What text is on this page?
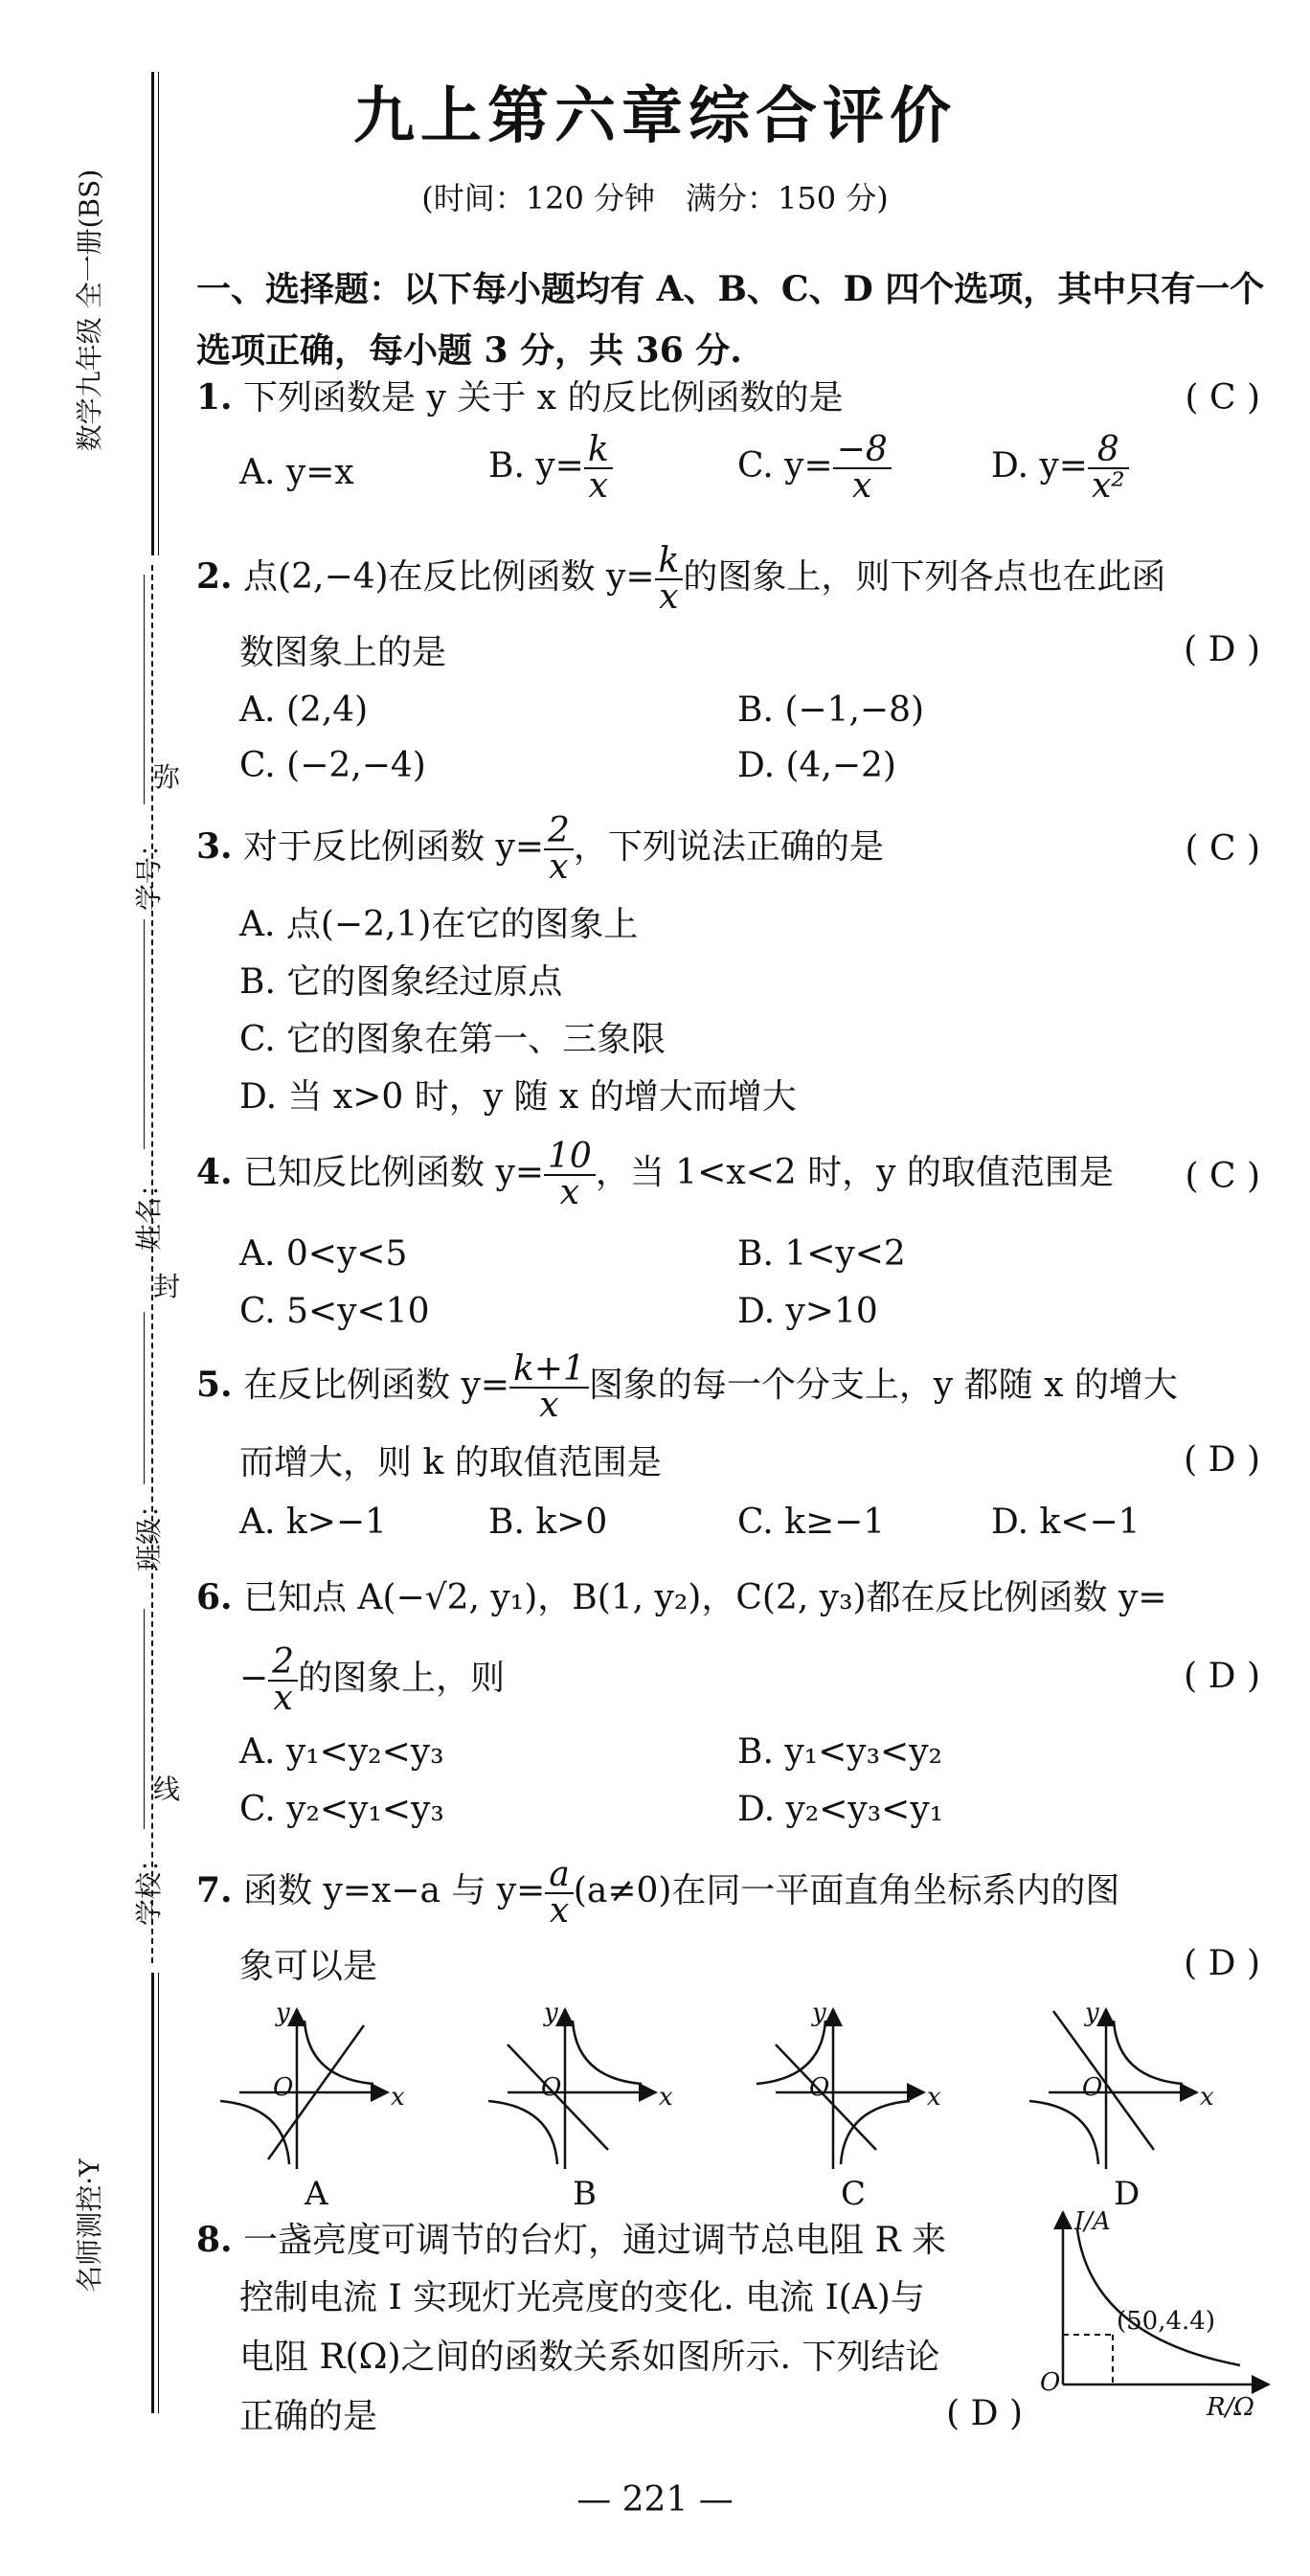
数学九年级 全一册(BS)
名师测控·Y
学号：
弥
姓名：
封
班级：
学校：
线
九上第六章综合评价
(时间：120 分钟　满分：150 分)
一、选择题：以下每小题均有 A、B、C、D 四个选项，其中只有一个选项正确，每小题 3 分，共 36 分.
1. 下列函数是 y 关于 x 的反比例函数的是	( C )
A. y=x	B. $y= \frac{k}{x}$	C. $y= \frac{-8}{x}$	D. $y= \frac{8}{\text{x²}}$
2. 点(2,−4)在反比例函数 $y= \frac{k}{x}$ 的图象上，则下列各点也在此函
数图象上的是	( D )
A. (2,4)	B. (−1,−8)
C. (−2,−4)	D. (4,−2)
3. 对于反比例函数 $y= \frac{2}{x}$ ，下列说法正确的是	( C )
A. 点(−2,1)在它的图象上
B. 它的图象经过原点
C. 它的图象在第一、三象限
D. 当 x>0 时，y 随 x 的增大而增大
4. 已知反比例函数 $y= \frac{10}{x}$ ，当 1<x<2 时，y 的取值范围是	( C )
A. 0<y<5	B. 1<y<2
C. 5<y<10	D. y>10
5. 在反比例函数 $y= \frac{k+1}{x}$ 图象的每一个分支上，y 都随 x 的增大
而增大，则 k 的取值范围是	( D )
A. k>−1	B. k>0	C. k≥−1	D. k<−1
6. 已知点 A(−√2, y₁)，B(1, y₂)，C(2, y₃)都在反比例函数 y=
− $\frac{2}{x}$ 的图象上，则	( D )
A. y₁<y₂<y₃	B. y₁<y₃<y₂
C. y₂<y₁<y₃	D. y₂<y₃<y₁
7. 函数 y=x−a 与 $y= \frac{a}{x} (a\ne 0)$在同一平面直角坐标系内的图
象可以是	( D )
O	x
y
O	x
y
O	x
y
O	x
y
A	B	C	D
8. 一盏亮度可调节的台灯，通过调节总电阻 R 来
控制电流 I 实现灯光亮度的变化. 电流 I(A)与
电阻 R(Ω)之间的函数关系如图所示. 下列结论
正确的是	( D )
I/A
O
R/Ω
(50,4.4)
— 221 —
